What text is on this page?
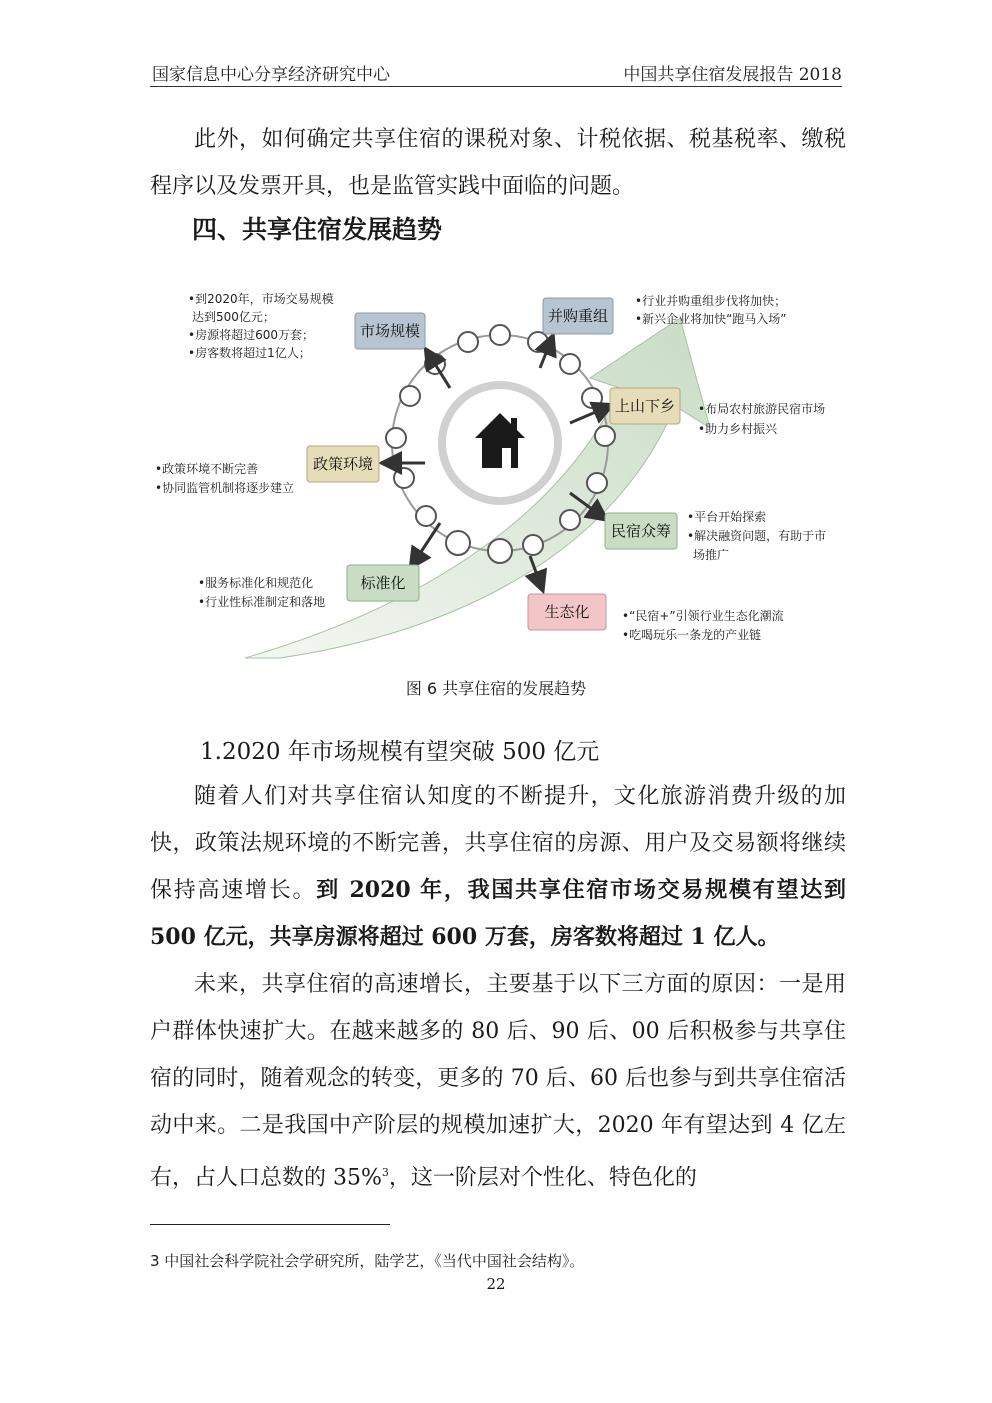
国家信息中心分享经济研究中心	中国共享住宿发展报告 2018

此外，如何确定共享住宿的课税对象、计税依据、税基税率、缴税程序以及发票开具，也是监管实践中面临的问题。

四、共享住宿发展趋势
市场规模
并购重组
上山下乡
政策环境
民宿众筹
标准化
生态化
•到2020年，市场交易规模
达到500亿元；
•房源将超过600万套；
•房客数将超过1亿人；
•行业并购重组步伐将加快；
•新兴企业将加快“跑马入场”
•布局农村旅游民宿市场
•助力乡村振兴
•政策环境不断完善
•协同监管机制将逐步建立
•平台开始探索
•解决融资问题，有助于市
场推广
•服务标准化和规范化
•行业性标准制定和落地
•“民宿+”引领行业生态化潮流
•吃喝玩乐一条龙的产业链
图 6 共享住宿的发展趋势
1.2020 年市场规模有望突破 500 亿元

随着人们对共享住宿认知度的不断提升，文化旅游消费升级的加快，政策法规环境的不断完善，共享住宿的房源、用户及交易额将继续保持高速增长。到 2020 年，我国共享住宿市场交易规模有望达到 500 亿元，共享房源将超过 600 万套，房客数将超过 1 亿人。

未来，共享住宿的高速增长，主要基于以下三方面的原因：一是用户群体快速扩大。在越来越多的 80 后、90 后、00 后积极参与共享住宿的同时，随着观念的转变，更多的 70 后、60 后也参与到共享住宿活动中来。二是我国中产阶层的规模加速扩大，2020 年有望达到 4 亿左右，占人口总数的 35%$^3$，这一阶层对个性化、特色化的

3 中国社会科学院社会学研究所，陆学艺，《当代中国社会结构》。
22
